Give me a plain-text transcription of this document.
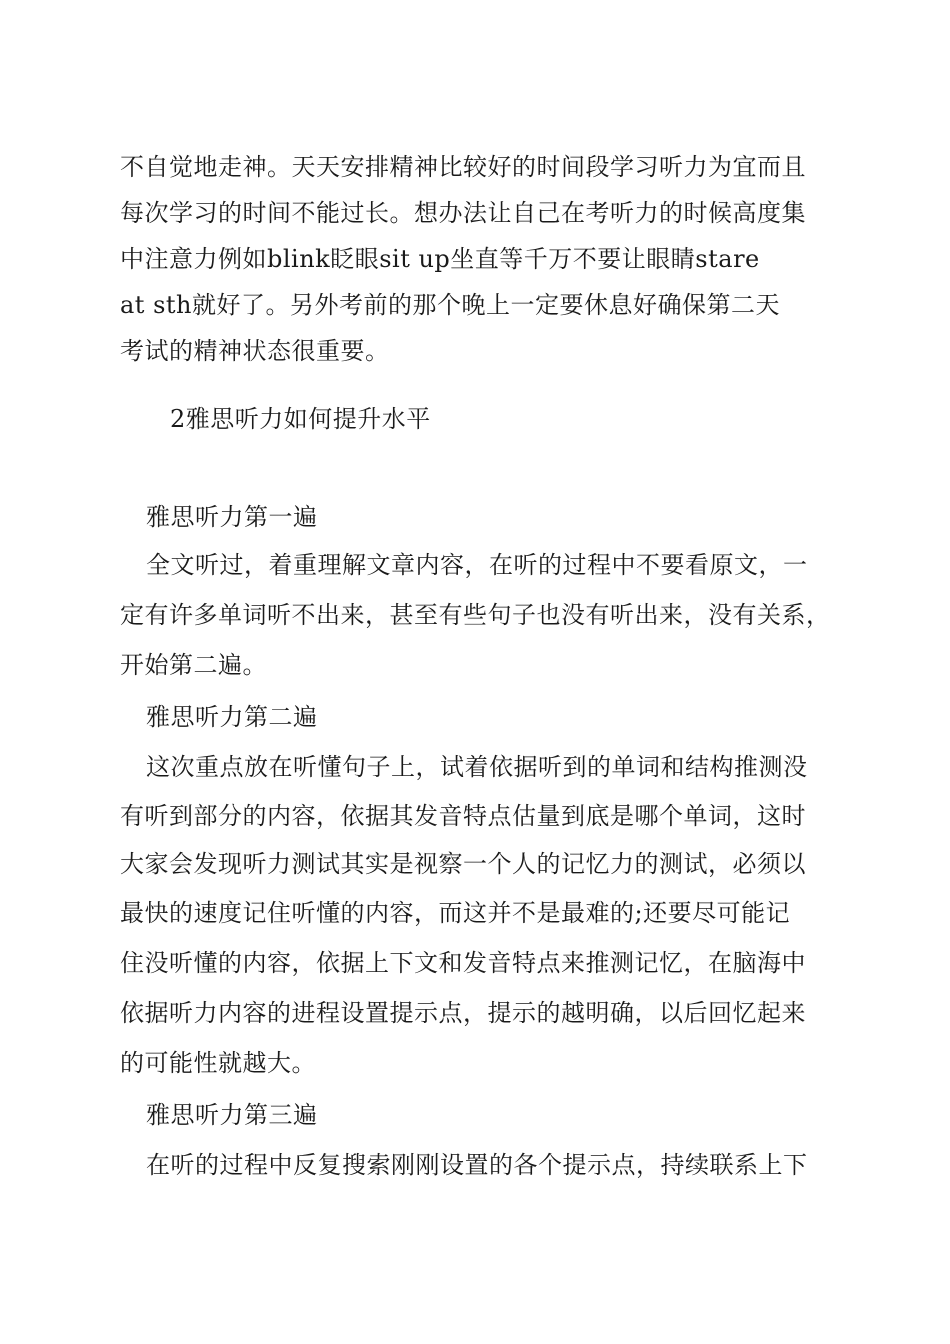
不自觉地走神。天天安排精神比较好的时间段学习听力为宜而且
每次学习的时间不能过长。想办法让自己在考听力的时候高度集
中注意力例如blink眨眼sit up坐直等千万不要让眼睛stare
at sth就好了。另外考前的那个晚上一定要休息好确保第二天
考试的精神状态很重要。
2雅思听力如何提升水平
雅思听力第一遍
全文听过，着重理解文章内容，在听的过程中不要看原文，一
定有许多单词听不出来，甚至有些句子也没有听出来，没有关系，
开始第二遍。
雅思听力第二遍
这次重点放在听懂句子上，试着依据听到的单词和结构推测没
有听到部分的内容，依据其发音特点估量到底是哪个单词，这时
大家会发现听力测试其实是视察一个人的记忆力的测试，必须以
最快的速度记住听懂的内容，而这并不是最难的;还要尽可能记
住没听懂的内容，依据上下文和发音特点来推测记忆，在脑海中
依据听力内容的进程设置提示点，提示的越明确，以后回忆起来
的可能性就越大。
雅思听力第三遍
在听的过程中反复搜索刚刚设置的各个提示点，持续联系上下
